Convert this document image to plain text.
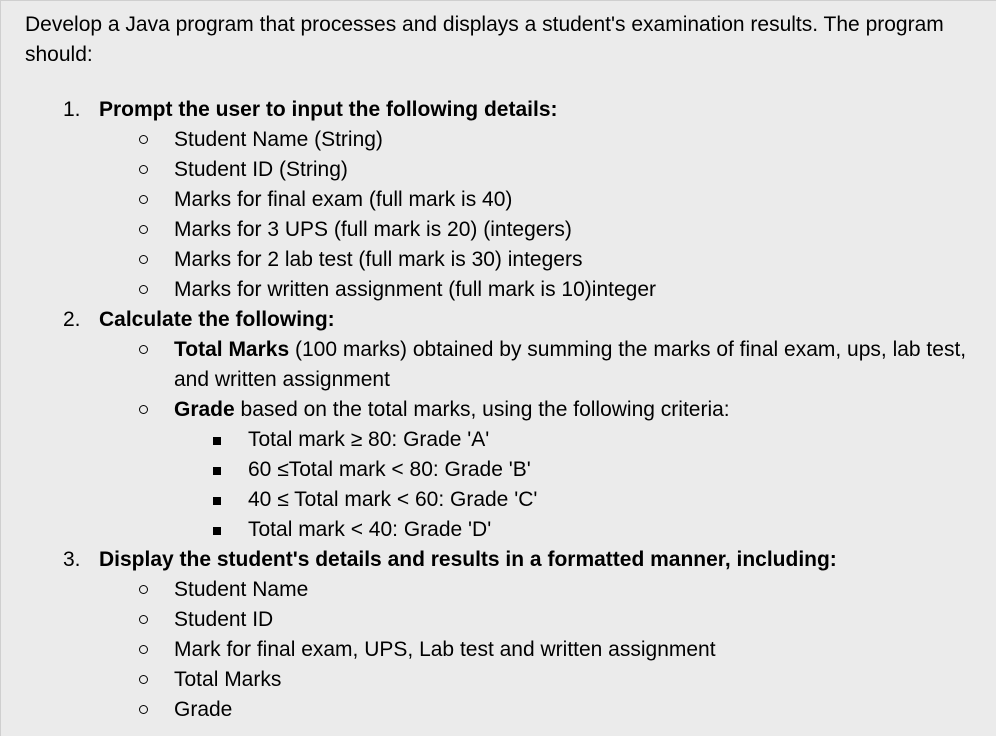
Develop a Java program that processes and displays a student's examination results. The program should:
1. Prompt the user to input the following details:
Student Name (String)
Student ID (String)
Marks for final exam (full mark is 40)
Marks for 3 UPS (full mark is 20) (integers)
Marks for 2 lab test (full mark is 30) integers
Marks for written assignment (full mark is 10)integer
2. Calculate the following:
Total Marks (100 marks) obtained by summing the marks of final exam, ups, lab test, and written assignment
Grade based on the total marks, using the following criteria:
Total mark ≥ 80: Grade 'A'
60 ≤Total mark < 80: Grade 'B'
40 ≤ Total mark < 60: Grade 'C'
Total mark < 40: Grade 'D'
3. Display the student's details and results in a formatted manner, including:
Student Name
Student ID
Mark for final exam, UPS, Lab test and written assignment
Total Marks
Grade
